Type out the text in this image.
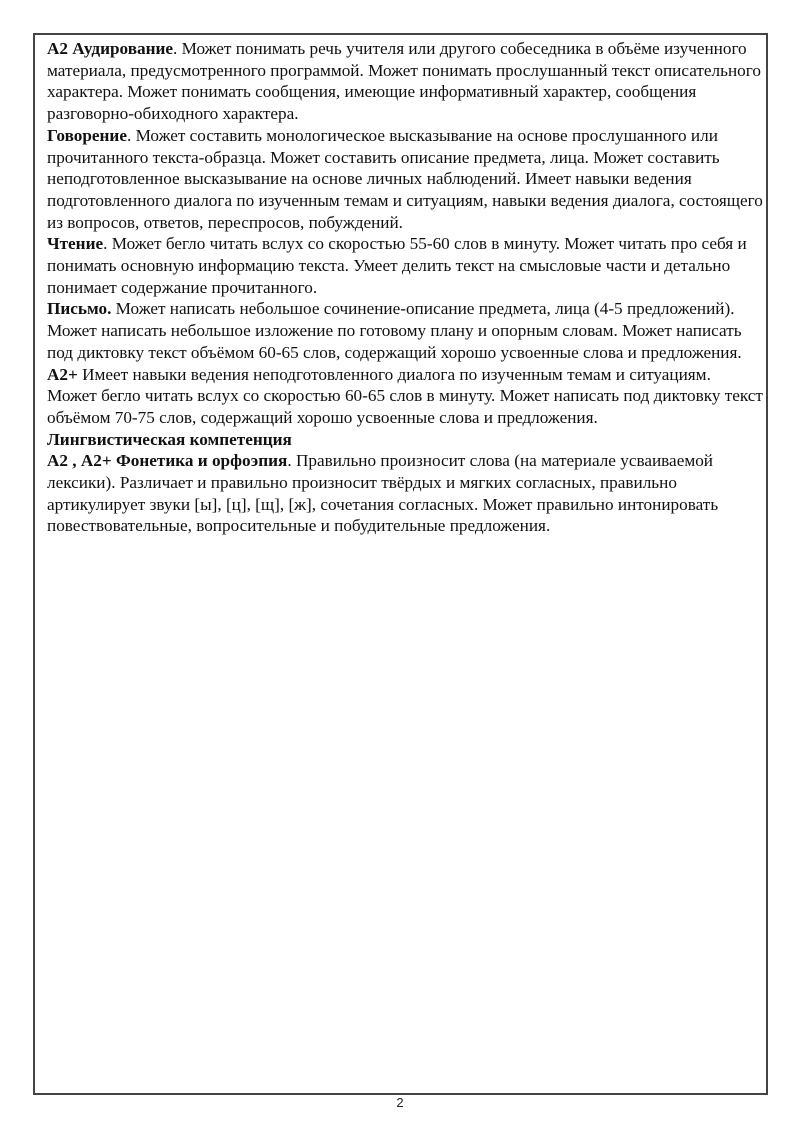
А2 Аудирование. Может понимать речь учителя или другого собеседника в объёме изученного материала, предусмотренного программой. Может понимать прослушанный текст описательного характера. Может понимать сообщения, имеющие информативный характер, сообщения разговорно-обиходного характера.

Говорение. Может составить монологическое высказывание на основе прослушанного или прочитанного текста-образца. Может составить описание предмета, лица. Может составить неподготовленное высказывание на основе личных наблюдений. Имеет навыки ведения подготовленного диалога по изученным темам и ситуациям, навыки ведения диалога, состоящего из вопросов, ответов, переспросов, побуждений.

Чтение. Может бегло читать вслух со скоростью 55-60 слов в минуту. Может читать про себя и понимать основную информацию текста. Умеет делить текст на смысловые части и детально понимает содержание прочитанного.

Письмо. Может написать небольшое сочинение-описание предмета, лица (4-5 предложений). Может написать небольшое изложение по готовому плану и опорным словам. Может написать под диктовку текст объёмом 60-65 слов, содержащий хорошо усвоенные слова и предложения.

А2+ Имеет навыки ведения неподготовленного диалога по изученным темам и ситуациям. Может бегло читать вслух со скоростью 60-65 слов в минуту. Может написать под диктовку текст объёмом 70-75 слов, содержащий хорошо усвоенные слова и предложения.

Лингвистическая компетенция

А2 , А2+ Фонетика и орфоэпия. Правильно произносит слова (на материале усваиваемой лексики). Различает и правильно произносит твёрдых и мягких согласных, правильно артикулирует звуки [ы], [ц], [щ], [ж], сочетания согласных. Может правильно интонировать повествовательные, вопросительные и побудительные предложения.

2
